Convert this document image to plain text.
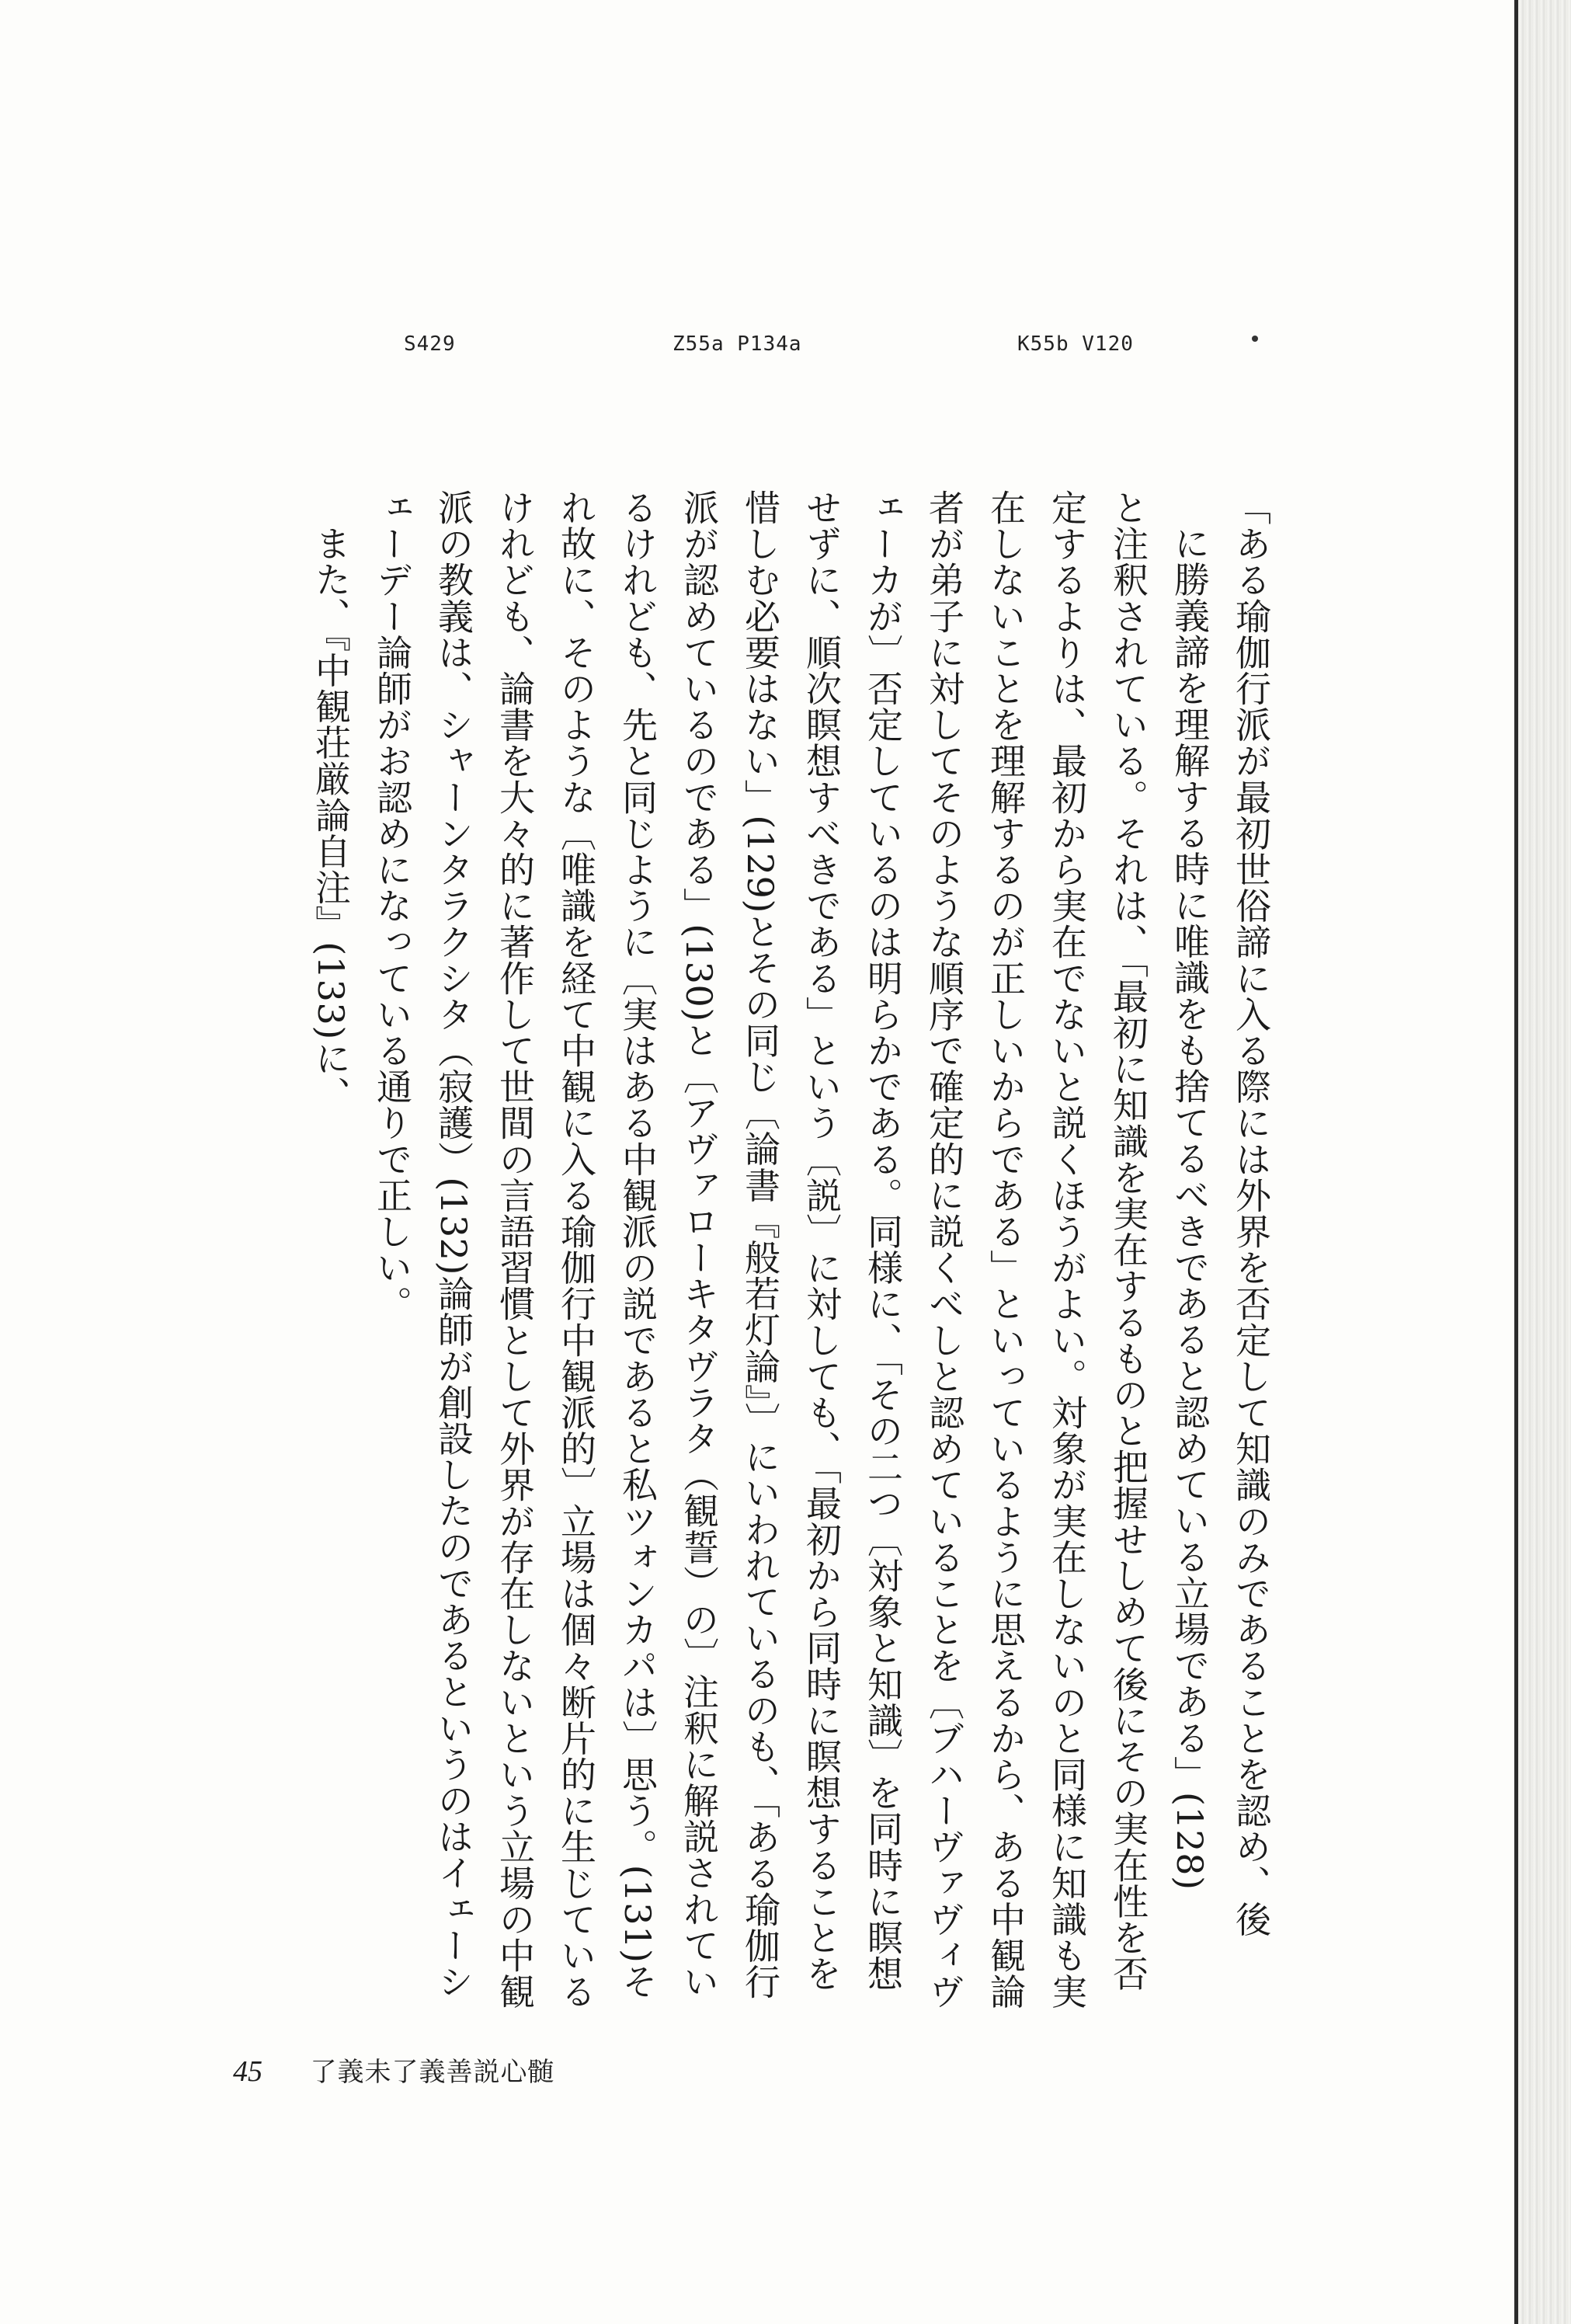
K55b V120
Z55a P134a
S429

「ある瑜伽行派が最初世俗諦に入る際には外界を否定して知識のみであることを認め、後

に勝義諦を理解する時に唯識をも捨てるべきであると認めている立場である」(128)

と注釈されている。それは、「最初に知識を実在するものと把握せしめて後にその実在性を否定するよりは、最初から実在でないと説くほうがよい。対象が実在しないのと同様に知識も実在しないことを理解するのが正しいからである」といっているように思えるから、ある中観論者が弟子に対してそのような順序で確定的に説くべしと認めていることを〔ブハーヴァヴィヴェーカが〕否定しているのは明らかである。同様に、「その二つ〔対象と知識〕を同時に瞑想せずに、順次瞑想すべきである」という〔説〕に対しても、「最初から同時に瞑想することを惜しむ必要はない」(129)とその同じ〔論書『般若灯論』〕にいわれているのも、「ある瑜伽行派が認めているのである」(130)と〔アヴァローキタヴラタ（観誓）の〕注釈に解説されているけれども、先と同じように〔実はある中観派の説であると私ツォンカパは〕思う。(131)それ故に、そのような〔唯識を経て中観に入る瑜伽行中観派的〕立場は個々断片的に生じているけれども、論書を大々的に著作して世間の言語習慣として外界が存在しないという立場の中観派の教義は、シャーンタラクシタ（寂護）(132)論師が創設したのであるというのはイェーシェーデー論師がお認めになっている通りで正しい。

また、『中観荘厳論自注』(133)に、

45 了義未了義善説心髄
